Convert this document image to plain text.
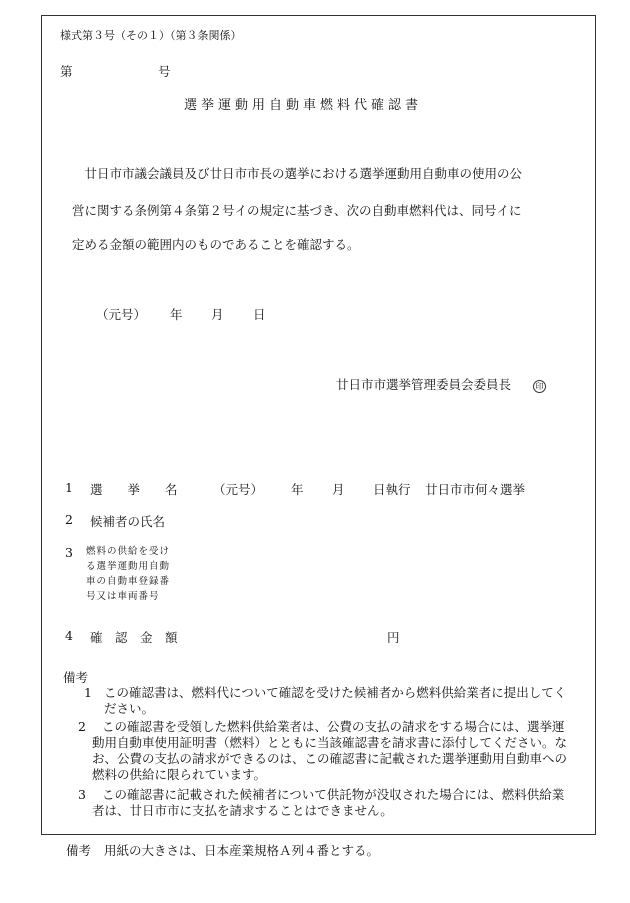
様式第３号（その１）（第３条関係）
第	号
選挙運動用自動車燃料代確認書
　廿日市市議会議員及び廿日市市長の選挙における選挙運動用自動車の使用の公
営に関する条例第４条第２号イの規定に基づき、次の自動車燃料代は、同号イに
定める金額の範囲内のものであることを確認する。
（元号） 年 月 日
廿日市市選挙管理委員会委員長	印
1 選　　挙　　名	（元号） 年 月 日執行 廿日市市何々選挙
2 候補者の氏名
3 燃料の供給を受け
る選挙運動用自動
車の自動車登録番
号又は車両番号
4 確　認　金　額	円
備考
1 この確認書は、燃料代について確認を受けた候補者から燃料供給業者に提出してください。
2	この確認書を受領した燃料供給業者は、公費の支払の請求をする場合には、選挙運動用自動車使用証明書（燃料）とともに当該確認書を請求書に添付してください。なお、公費の支払の請求ができるのは、この確認書に記載された選挙運動用自動車への燃料の供給に限られています。
3	この確認書に記載された候補者について供託物が没収された場合には、燃料供給業者は、廿日市市に支払を請求することはできません。
備考 用紙の大きさは、日本産業規格Ａ列４番とする。
